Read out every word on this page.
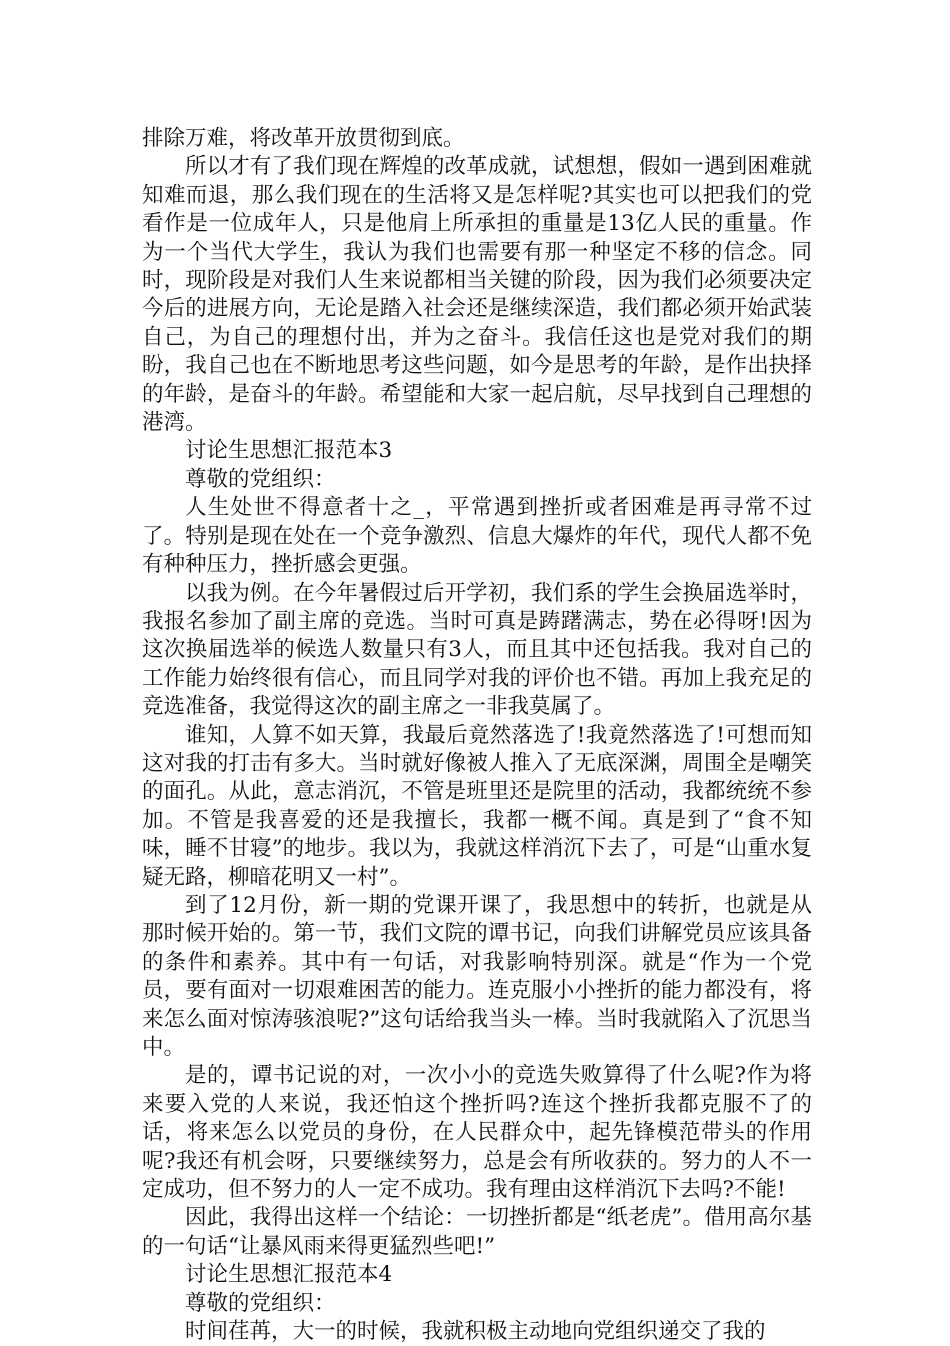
排除万难，将改革开放贯彻到底。

所以才有了我们现在辉煌的改革成就，试想想，假如一遇到困难就知难而退，那么我们现在的生活将又是怎样呢?其实也可以把我们的党看作是一位成年人，只是他肩上所承担的重量是13亿人民的重量。作为一个当代大学生，我认为我们也需要有那一种坚定不移的信念。同时，现阶段是对我们人生来说都相当关键的阶段，因为我们必须要决定今后的进展方向，无论是踏入社会还是继续深造，我们都必须开始武装自己，为自己的理想付出，并为之奋斗。我信任这也是党对我们的期盼，我自己也在不断地思考这些问题，如今是思考的年龄，是作出抉择的年龄，是奋斗的年龄。希望能和大家一起启航，尽早找到自己理想的港湾。

讨论生思想汇报范本3

尊敬的党组织：

人生处世不得意者十之_，平常遇到挫折或者困难是再寻常不过了。特别是现在处在一个竞争激烈、信息大爆炸的年代，现代人都不免有种种压力，挫折感会更强。

以我为例。在今年暑假过后开学初，我们系的学生会换届选举时，我报名参加了副主席的竞选。当时可真是踌躇满志，势在必得呀!因为这次换届选举的候选人数量只有3人，而且其中还包括我。我对自己的工作能力始终很有信心，而且同学对我的评价也不错。再加上我充足的竞选准备，我觉得这次的副主席之一非我莫属了。

谁知，人算不如天算，我最后竟然落选了!我竟然落选了!可想而知这对我的打击有多大。当时就好像被人推入了无底深渊，周围全是嘲笑的面孔。从此，意志消沉，不管是班里还是院里的活动，我都统统不参加。不管是我喜爱的还是我擅长，我都一概不闻。真是到了“食不知味，睡不甘寝”的地步。我以为，我就这样消沉下去了，可是“山重水复疑无路，柳暗花明又一村”。

到了12月份，新一期的党课开课了，我思想中的转折，也就是从那时候开始的。第一节，我们文院的谭书记，向我们讲解党员应该具备的条件和素养。其中有一句话，对我影响特别深。就是“作为一个党员，要有面对一切艰难困苦的能力。连克服小小挫折的能力都没有，将来怎么面对惊涛骇浪呢?”这句话给我当头一棒。当时我就陷入了沉思当中。

是的，谭书记说的对，一次小小的竞选失败算得了什么呢?作为将来要入党的人来说，我还怕这个挫折吗?连这个挫折我都克服不了的话，将来怎么以党员的身份，在人民群众中，起先锋模范带头的作用呢?我还有机会呀，只要继续努力，总是会有所收获的。努力的人不一定成功，但不努力的人一定不成功。我有理由这样消沉下去吗?不能!

因此，我得出这样一个结论：一切挫折都是“纸老虎”。借用高尔基的一句话“让暴风雨来得更猛烈些吧!”

讨论生思想汇报范本4

尊敬的党组织：

时间荏苒，大一的时候，我就积极主动地向党组织递交了我的
